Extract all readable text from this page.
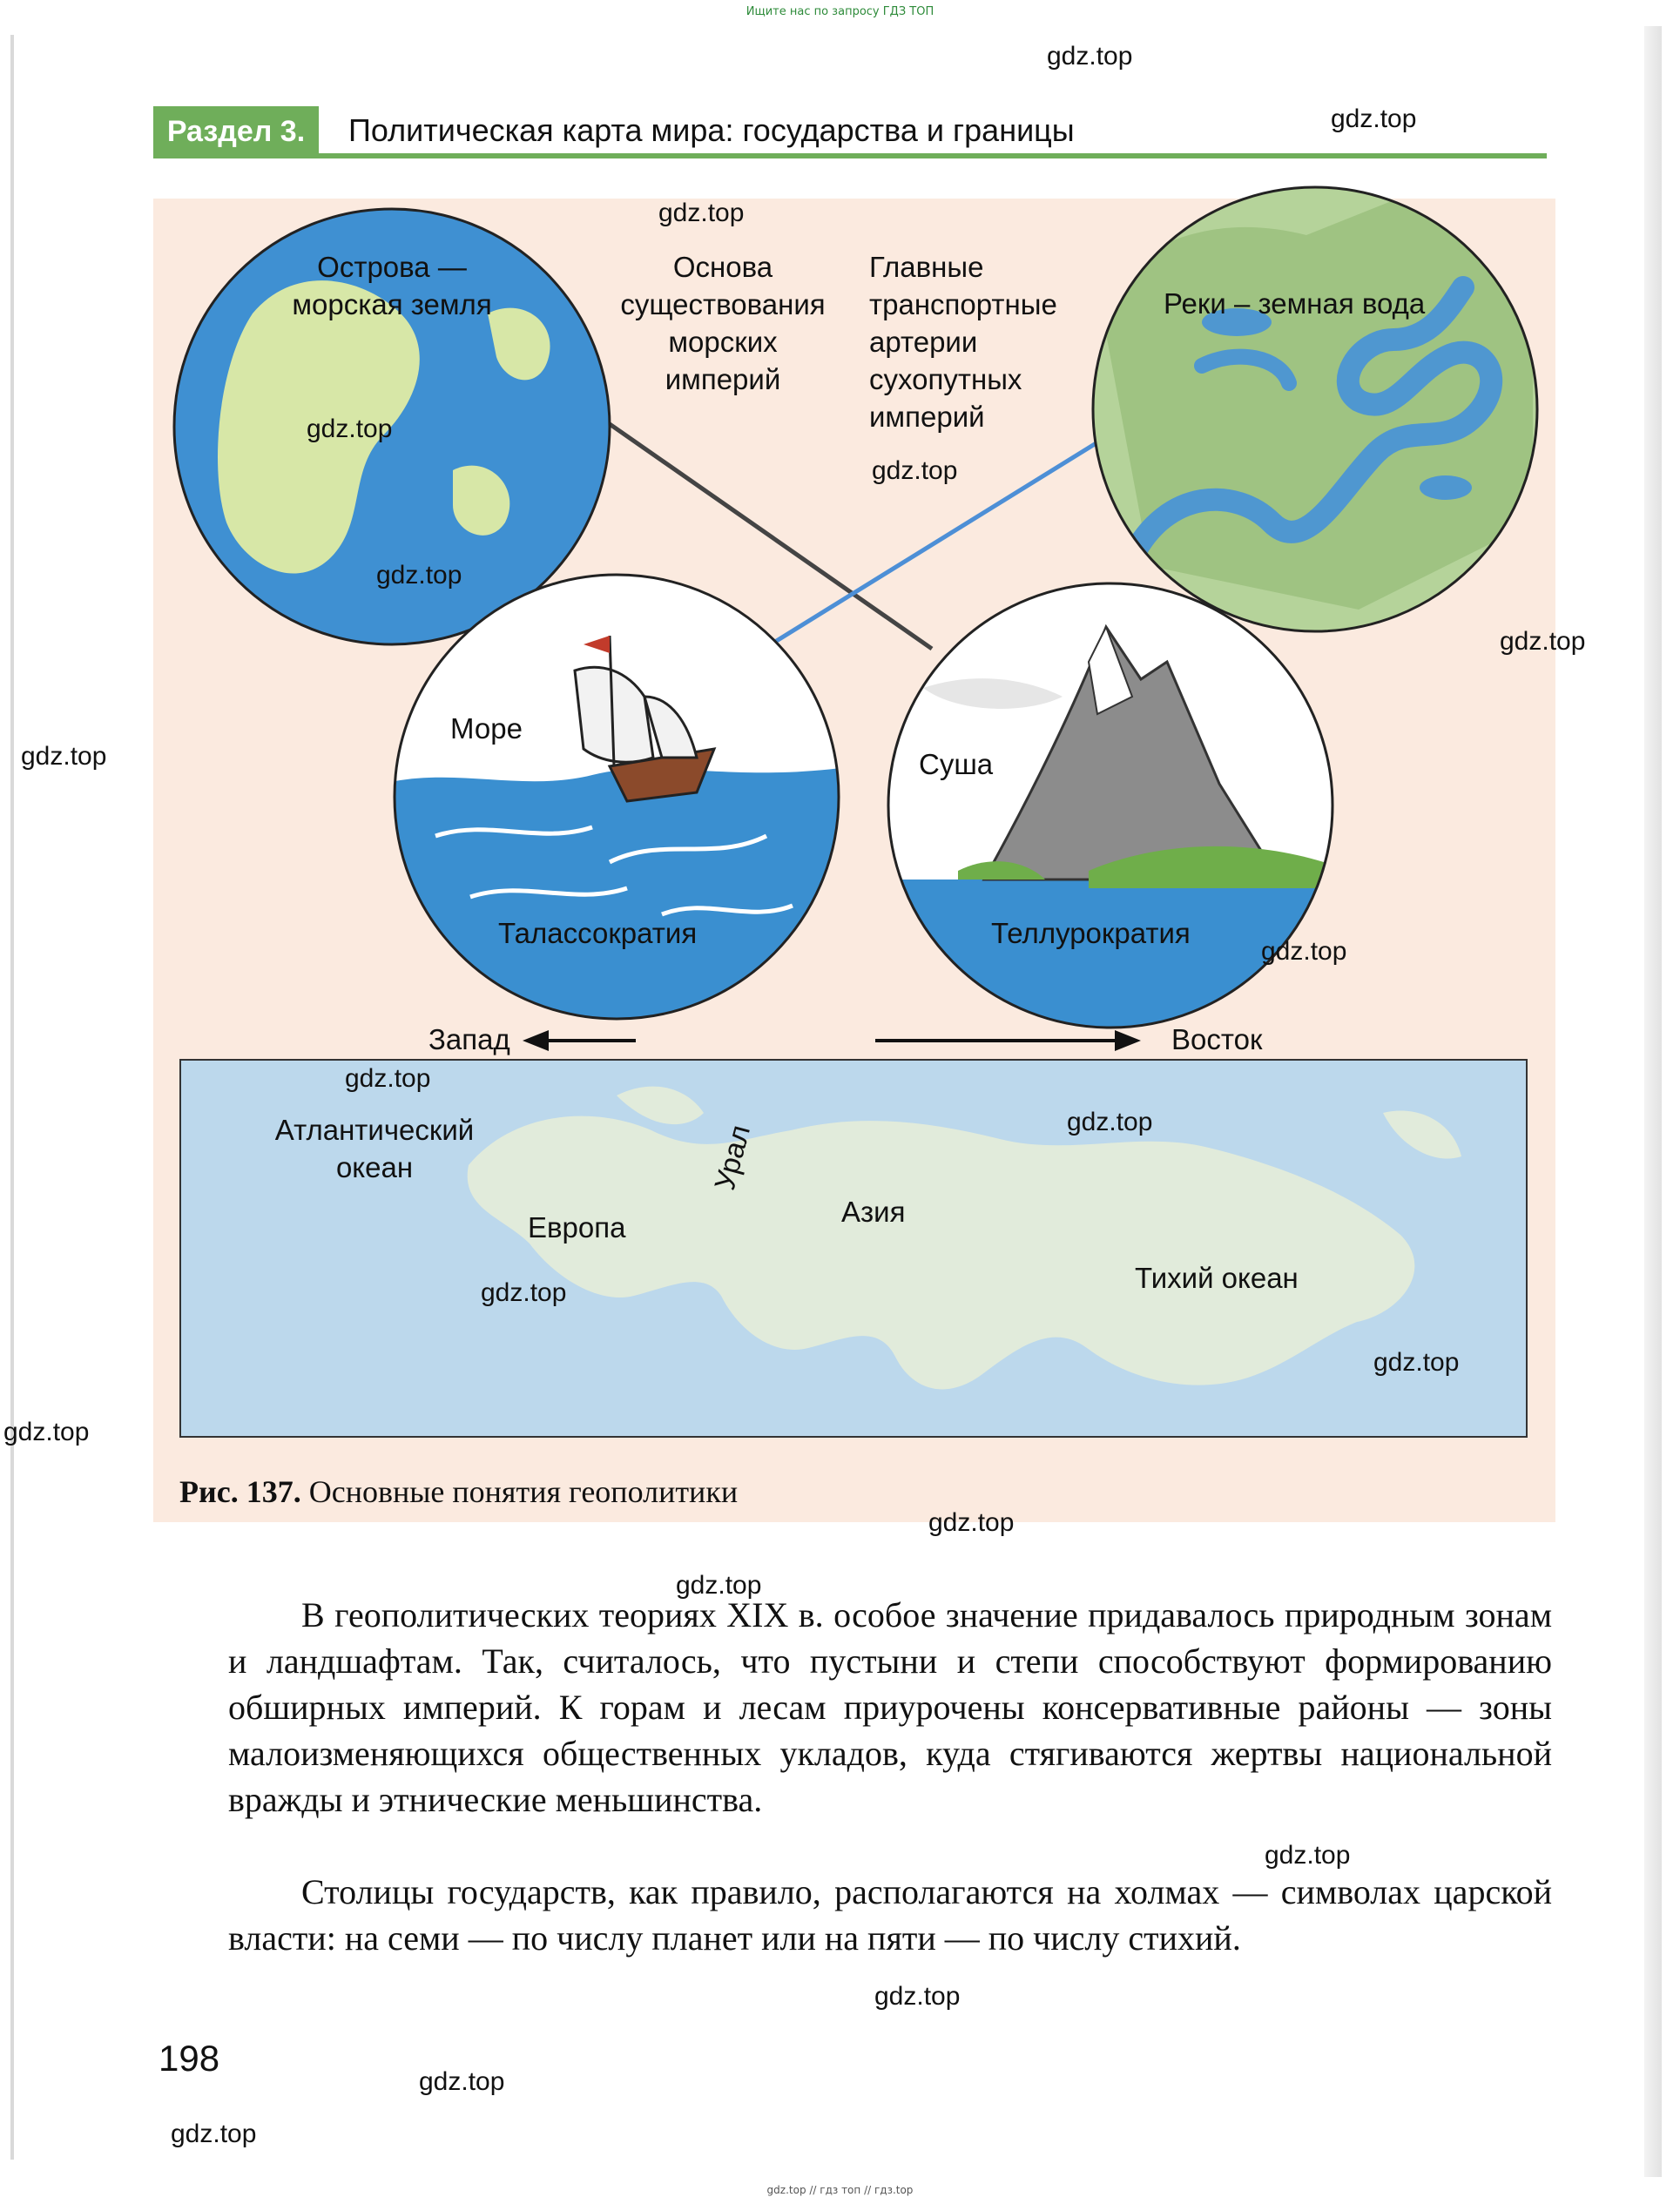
Ищите нас по запросу ГДЗ ТОП
Раздел 3.	Политическая карта мира: государства и границы
Острова —
морская земля
Основа
существования
морских
империй
Главные
транспортные
артерии
сухопутных
империй
Реки – земная вода
Море
Суша
Талассократия	Теллурократия
Запад	Восток
Атлантический
океан	Урал
Азия
Европа
Тихий океан
Рис. 137. Основные понятия геополитики
В геополитических теориях XIX в. особое значение придавалось природным зонам и ландшафтам. Так, считалось, что пустыни и степи способствуют формированию обширных империй. К горам и лесам приурочены консервативные районы — зоны малоизменяющихся общественных укладов, куда стягиваются жертвы национальной вражды и этнические меньшинства.
Столицы государств, как правило, располагаются на холмах — символах царской власти: на семи — по числу планет или на пяти — по числу стихий.
198
gdz.top
gdz.top
gdz.top
gdz.top
gdz.top
gdz.top
gdz.top
gdz.top
gdz.top
gdz.top
gdz.top
gdz.top
gdz.top
gdz.top
gdz.top
gdz.top
gdz.top
gdz.top
gdz.top
gdz.top
gdz.top // гдз топ // гдз.top
